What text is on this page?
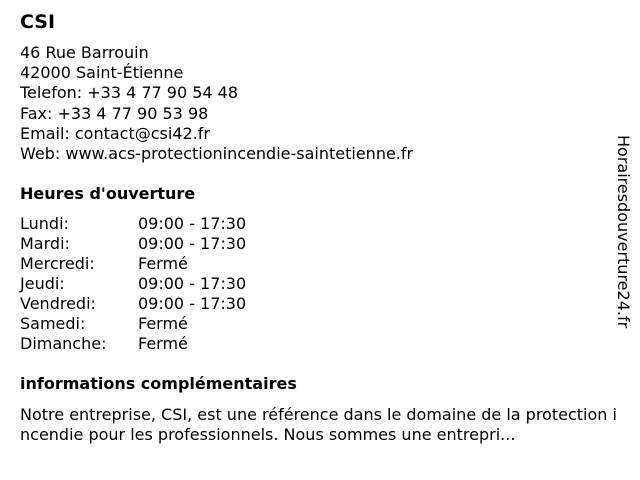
CSI
46 Rue Barrouin
42000 Saint-Étienne
Telefon: +33 4 77 90 54 48
Fax: +33 4 77 90 53 98
Email: contact@csi42.fr
Web: www.acs-protectionincendie-saintetienne.fr
Heures d'ouverture
Lundi:	09:00 - 17:30
Mardi:	09:00 - 17:30
Mercredi:	Fermé
Jeudi:	09:00 - 17:30
Vendredi:	09:00 - 17:30
Samedi:	Fermé
Dimanche:	Fermé
informations complémentaires
Notre entreprise, CSI, est une référence dans le domaine de la protection incendie pour les professionnels. Nous sommes une entrepri...
Horairesdouverture24.fr
